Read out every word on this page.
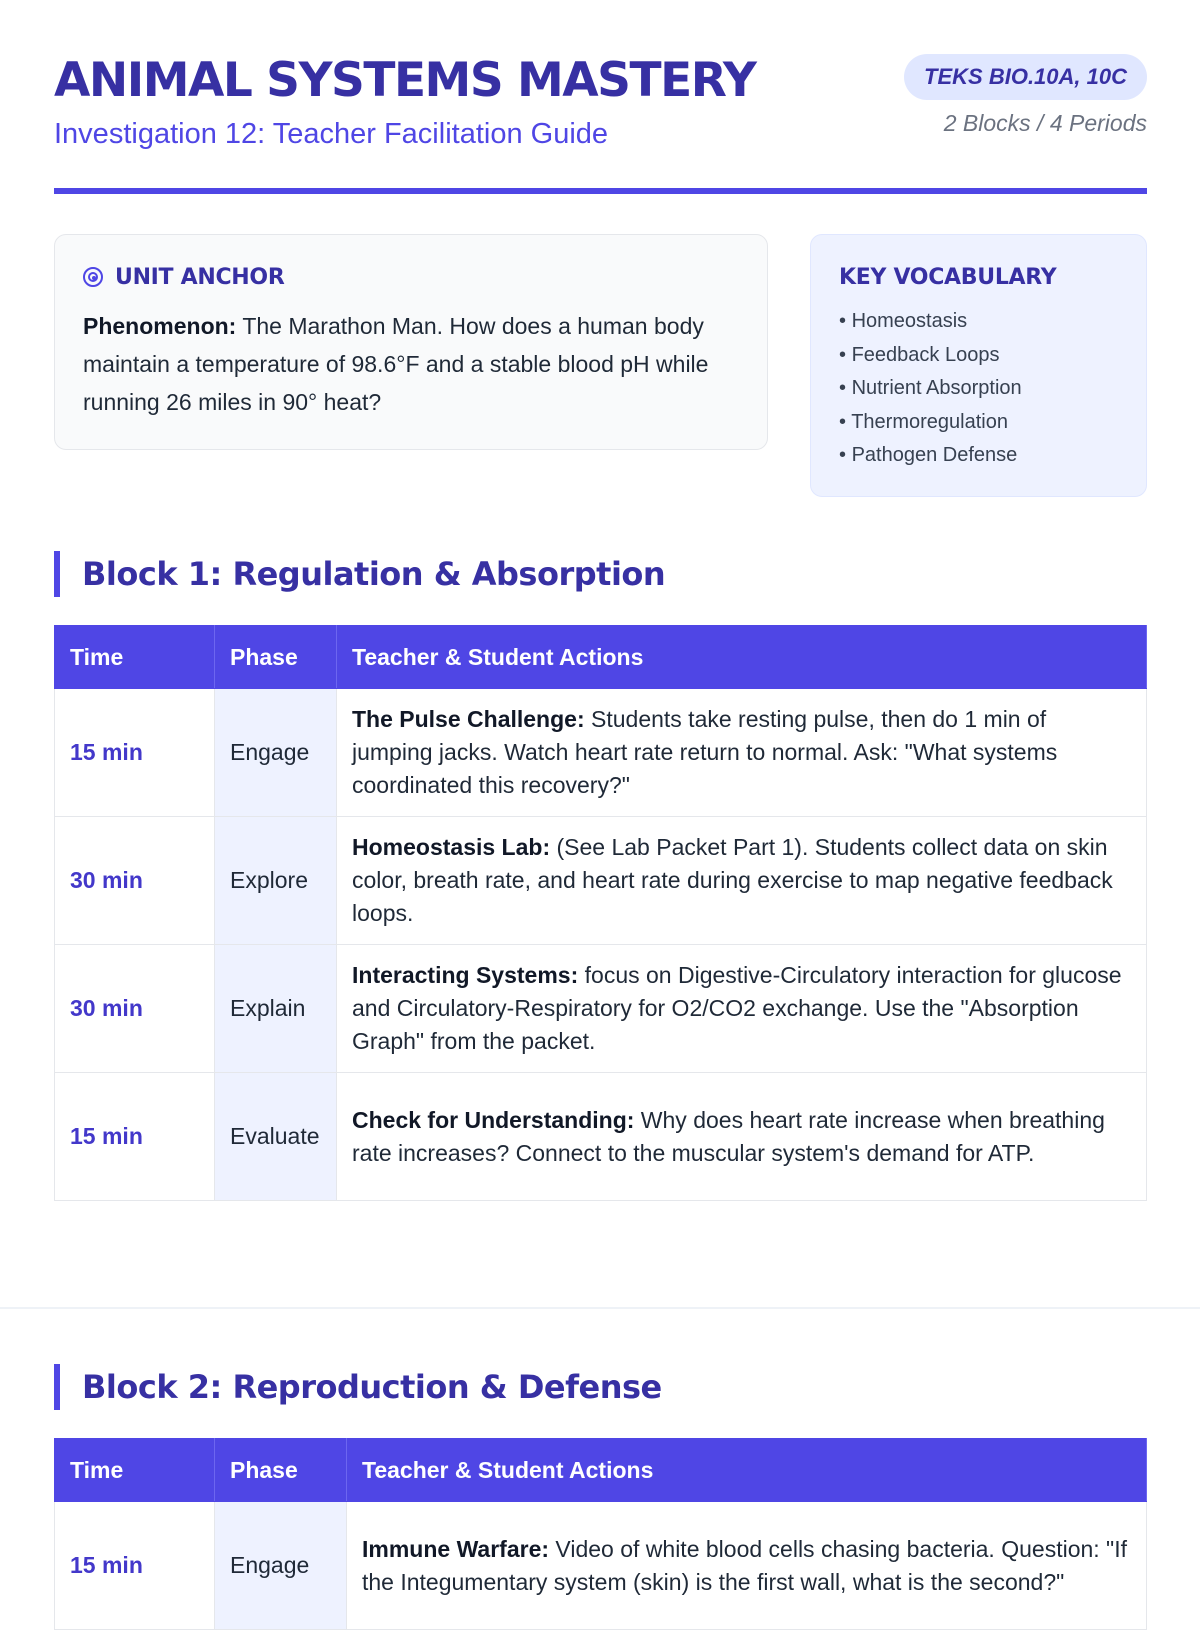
ANIMAL SYSTEMS MASTERY
Investigation 12: Teacher Facilitation Guide
TEKS BIO.10A, 10C
2 Blocks / 4 Periods
UNIT ANCHOR

Phenomenon: The Marathon Man. How does a human body maintain a temperature of 98.6°F and a stable blood pH while running 26 miles in 90° heat?

KEY VOCABULARY
• Homeostasis
• Feedback Loops
• Nutrient Absorption
• Thermoregulation
• Pathogen Defense
Block 1: Regulation & Absorption
Time	Phase	Teacher & Student Actions
15 min	Engage	The Pulse Challenge: Students take resting pulse, then do 1 min of jumping jacks. Watch heart rate return to normal. Ask: "What systems coordinated this recovery?"
30 min	Explore	Homeostasis Lab: (See Lab Packet Part 1). Students collect data on skin color, breath rate, and heart rate during exercise to map negative feedback loops.
30 min	Explain	Interacting Systems: focus on Digestive-Circulatory interaction for glucose and Circulatory-Respiratory for O2/CO2 exchange. Use the "Absorption Graph" from the packet.
15 min	Evaluate	Check for Understanding: Why does heart rate increase when breathing rate increases? Connect to the muscular system's demand for ATP.
Block 2: Reproduction & Defense
Time	Phase	Teacher & Student Actions
15 min	Engage	Immune Warfare: Video of white blood cells chasing bacteria. Question: "If the Integumentary system (skin) is the first wall, what is the second?"
